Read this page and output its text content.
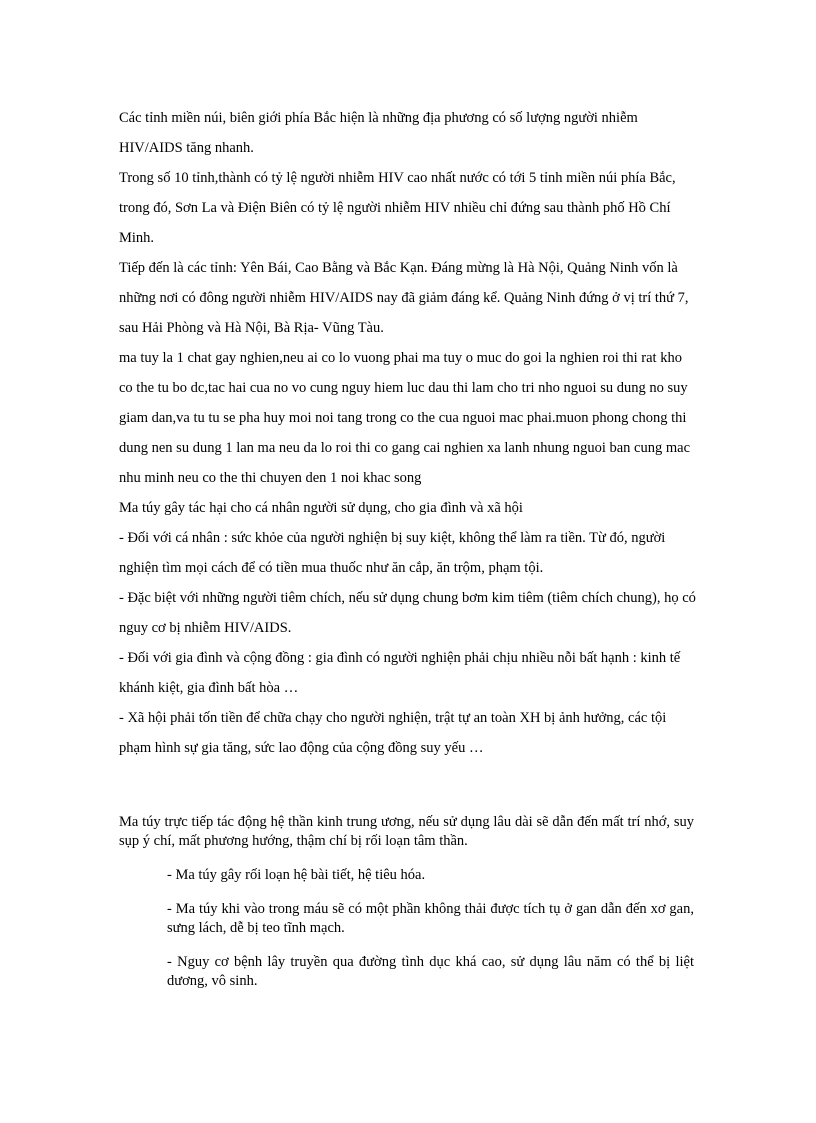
Các tỉnh miền núi, biên giới phía Bắc hiện là những địa phương có số lượng người nhiễm HIV/AIDS tăng nhanh.

Trong số 10 tỉnh,thành có tỷ lệ người nhiễm HIV cao nhất nước có tới 5 tỉnh miền núi phía Bắc, trong đó, Sơn La và Điện Biên có tỷ lệ người nhiễm HIV nhiều chỉ đứng sau thành phố Hồ Chí Minh.

Tiếp đến là các tỉnh: Yên Bái, Cao Bằng và Bắc Kạn. Đáng mừng là Hà Nội, Quảng Ninh vốn là những nơi có đông người nhiễm HIV/AIDS nay đã giảm đáng kể. Quảng Ninh đứng ở vị trí thứ 7, sau Hải Phòng và Hà Nội, Bà Rịa- Vũng Tàu.

ma tuy la 1 chat gay nghien,neu ai co lo vuong phai ma tuy o muc do goi la nghien roi thi rat kho co the tu bo dc,tac hai cua no vo cung nguy hiem luc dau thi lam cho tri nho nguoi su dung no suy giam dan,va tu tu se pha huy moi noi tang trong co the cua nguoi mac phai.muon phong chong thi dung nen su dung 1 lan ma neu da lo roi thi co gang cai nghien xa lanh nhung nguoi ban cung mac nhu minh neu co the thi chuyen den 1 noi khac song

Ma túy gây tác hại cho cá nhân người sử dụng, cho gia đình và xã hội

- Đối với cá nhân : sức khỏe của người nghiện bị suy kiệt, không thể làm ra tiền. Từ đó, người nghiện tìm mọi cách để có tiền mua thuốc như ăn cắp, ăn trộm, phạm tội.

- Đặc biệt với những người tiêm chích, nếu sử dụng chung bơm kim tiêm (tiêm chích chung), họ có nguy cơ bị nhiễm HIV/AIDS.

- Đối với gia đình và cộng đồng : gia đình có người nghiện phải chịu nhiều nỗi bất hạnh : kinh tế khánh kiệt, gia đình bất hòa …

- Xã hội phải tốn tiền để chữa chạy cho người nghiện, trật tự an toàn XH bị ảnh hưởng, các tội phạm hình sự gia tăng, sức lao động của cộng đồng suy yếu …

Ma túy trực tiếp tác động hệ thần kinh trung ương, nếu sử dụng lâu dài sẽ dẫn đến mất trí nhớ, suy sụp ý chí, mất phương hướng, thậm chí bị rối loạn tâm thần.

- Ma túy gây rối loạn hệ bài tiết, hệ tiêu hóa.

- Ma túy khi vào trong máu sẽ có một phần không thải được tích tụ ở gan dẫn đến xơ gan, sưng lách, dễ bị teo tĩnh mạch.

- Nguy cơ bệnh lây truyền qua đường tình dục khá cao, sử dụng lâu năm có thể bị liệt dương, vô sinh.
